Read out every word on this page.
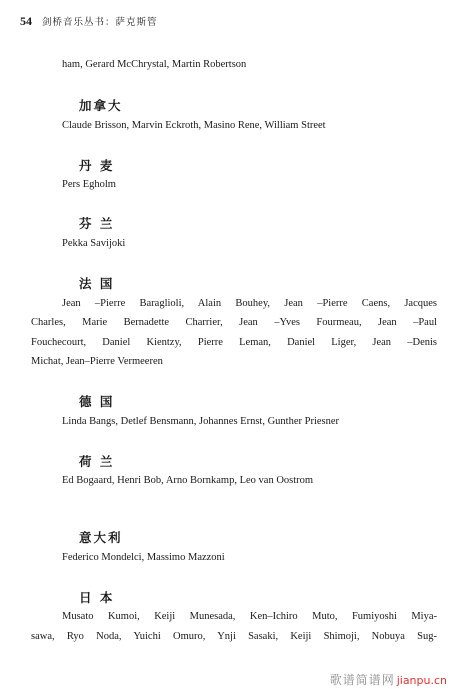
54 剑桥音乐丛书：萨克斯管
ham, Gerard McChrystal, Martin Robertson
加拿大
Claude Brisson, Marvin Eckroth, Masino Rene, William Street
丹 麦
Pers Egholm
芬 兰
Pekka Savijoki
法 国
Jean –Pierre Baraglioli, Alain Bouhey, Jean –Pierre Caens, Jacques
Charles, Marie Bernadette Charrier, Jean –Yves Fourmeau, Jean –Paul
Fouchecourt, Daniel Kientzy, Pierre Leman, Daniel Liger, Jean –Denis
Michat, Jean–Pierre Vermeeren
德 国
Linda Bangs, Detlef Bensmann, Johannes Ernst, Gunther Priesner
荷 兰
Ed Bogaard, Henri Bob, Arno Bornkamp, Leo van Oostrom
意大利
Federico Mondelci, Massimo Mazzoni
日 本
Musato Kumoi, Keiji Munesada, Ken–Ichiro Muto, Fumiyoshi Miya-
sawa, Ryo Noda, Yuichi Omuro, Ynji Sasaki, Keiji Shimoji, Nobuya Sug-
歌谱简谱网 jianpu.cn
